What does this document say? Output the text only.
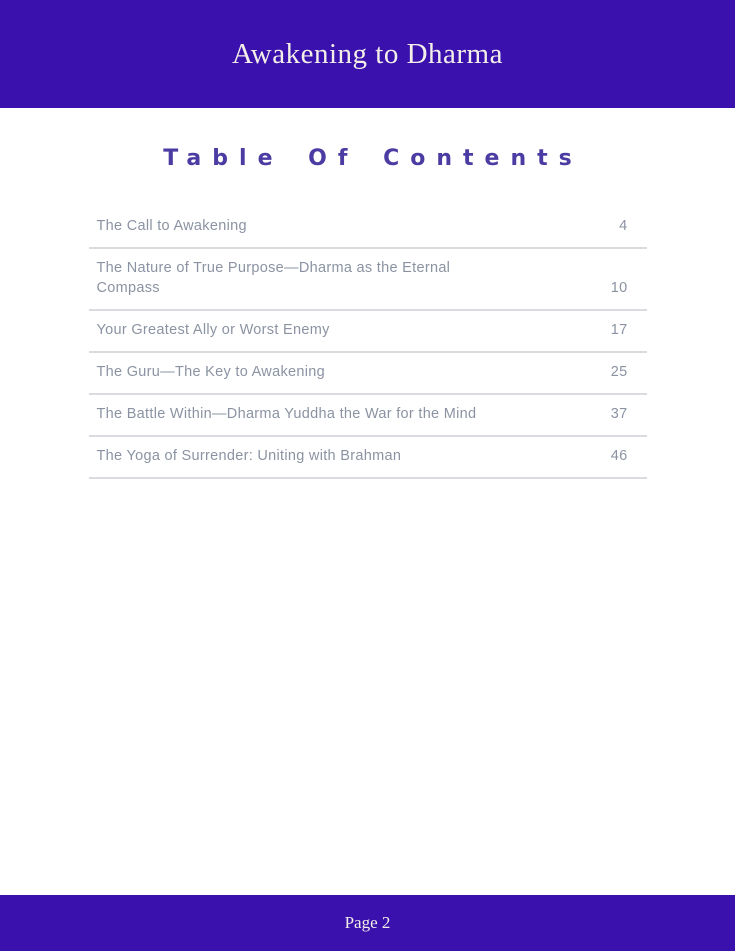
Awakening to Dharma
Table Of Contents
The Call to Awakening	4
The Nature of True Purpose—Dharma as the Eternal Compass	10
Your Greatest Ally or Worst Enemy	17
The Guru—The Key to Awakening	25
The Battle Within—Dharma Yuddha the War for the Mind	37
The Yoga of Surrender: Uniting with Brahman	46
Page 2
